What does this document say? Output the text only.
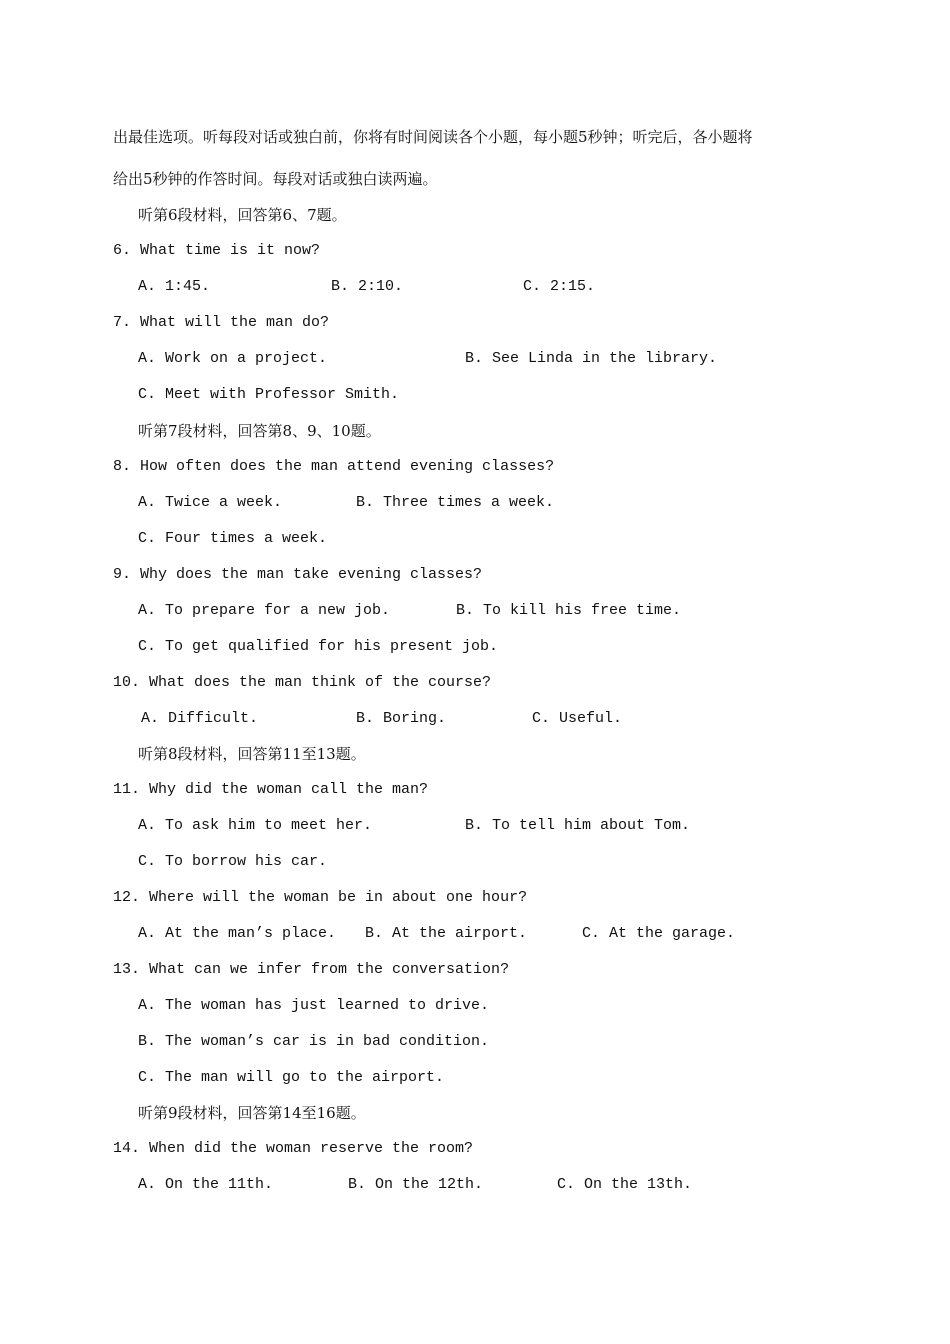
出最佳选项。听每段对话或独白前，你将有时间阅读各个小题，每小题5秒钟；听完后，各小题将
给出5秒钟的作答时间。每段对话或独白读两遍。
听第6段材料，回答第6、7题。
6. What time is it now?
A. 1:45.	B. 2:10.	C. 2:15.
7. What will the man do?
A. Work on a project.	B. See Linda in the library.
C. Meet with Professor Smith.
听第7段材料，回答第8、9、10题。
8. How often does the man attend evening classes?
A. Twice a week.	B. Three times a week.
C. Four times a week.
9. Why does the man take evening classes?
A. To prepare for a new job.	B. To kill his free time.
C. To get qualified for his present job.
10. What does the man think of the course?
A. Difficult.	B. Boring.	C. Useful.
听第8段材料，回答第11至13题。
11. Why did the woman call the man?
A. To ask him to meet her.	B. To tell him about Tom.
C. To borrow his car.
12. Where will the woman be in about one hour?
A. At the man’s place. B. At the airport.	C. At the garage.
13. What can we infer from the conversation?
A. The woman has just learned to drive.
B. The woman’s car is in bad condition.
C. The man will go to the airport.
听第9段材料，回答第14至16题。
14. When did the woman reserve the room?
A. On the 11th.	B. On the 12th.	C. On the 13th.
